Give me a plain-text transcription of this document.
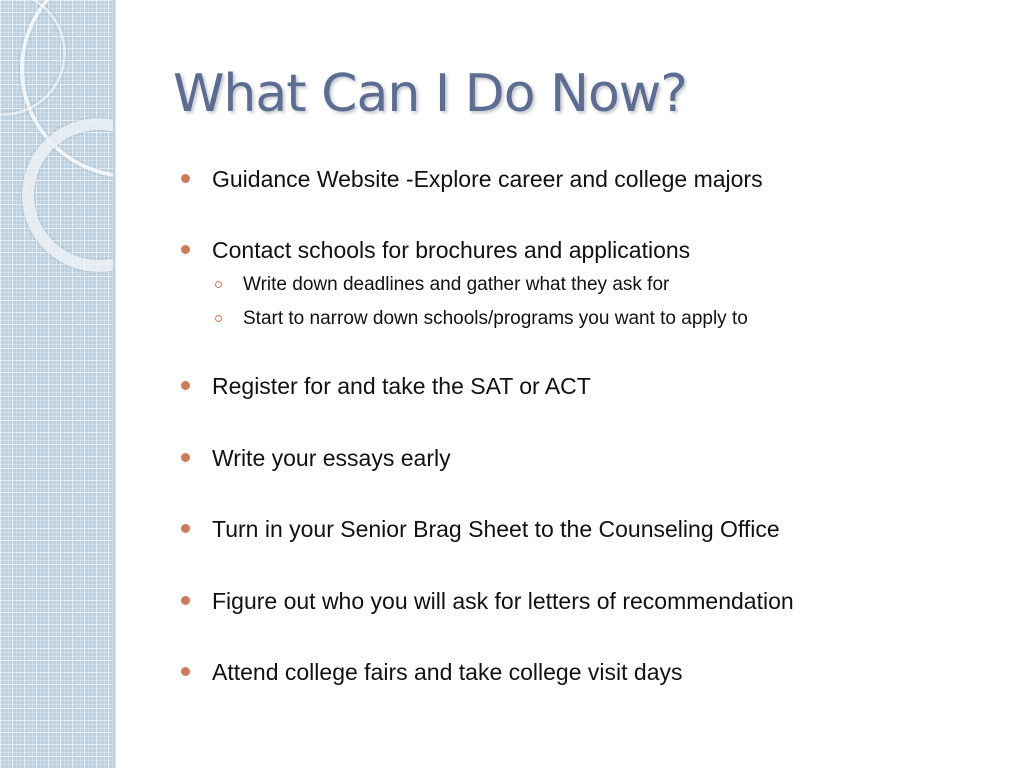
What Can I Do Now?
Guidance Website -Explore career and college majors
Contact schools for brochures and applications
Write down deadlines and gather what they ask for
Start to narrow down schools/programs you want to apply to
Register for and take the SAT or ACT
Write your essays early
Turn in your Senior Brag Sheet to the Counseling Office
Figure out who you will ask for letters of recommendation
Attend college fairs and take college visit days
